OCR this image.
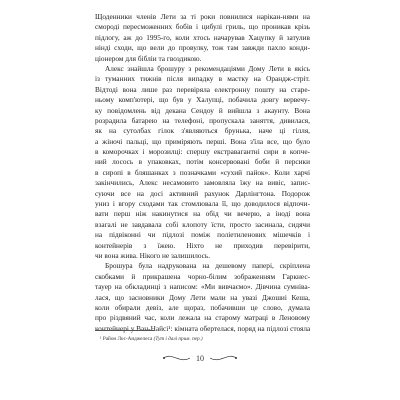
Щоденники членів Лети за ті роки повнилися нарікан-нями на

смороді пересможенних бобів і цибулі гриль, що проникав крізь

підлогу, аж до 1995-го, коли хтось начарував Хацупку й затулив

нінді сходи, що вели до провулку, тож там завжди пахло конди-

ціонером для бібліи та гвоздикою.

Алекс знайшла брошуру з рекомендаціями Дому Лети в якісь

із туманних тижнів після випадку в мастку на Орандж-стріт.

Відтоді вона лише раз перевіряла електронну пошту на старе-

ньому комп'ютері, що був у Халупці, побачила довгу вервечу-

ку повідомлень від декана Сендоу й вийшла з акаунту. Вона

розрадила батарею на телефоні, пропускала заняття, дивилася,

як на сутолбах гілок з'являються брунька, наче ці гілля,

а жіночі пальці, що приміряють перші. Вона з'їла все, що було

в коморочках і морозилці: спершу екстравагантні сири в копче-

ний лосось в упаковках, потім консервовані боби й персики

в сиропі в бляшанках з позначками «сухий пайок». Коли харчі

закінчились, Алекс несамовито замовляла їжу на вивіс, запис-

суючи все на досі активний рахунок Дарлінгтона. Подорож

униз і вгору сходами так стомлювала її, що доводилося відпочи-

вати перш ніж накинутися на обід чи вечерю, а іноді вона

взагалі не завдавала собі клопоту їсти, просто засинала, сидячи

на підвіконні чи підлозі поміж поліетиленових мішечків і

контейнерів з їжею. Ніхто не приходив перевірити,

чи вона жива. Нікого не залишилось.

Брошура була надрукована на дешевому папері, скріплена

скобками й прикрашена чорно-білим зображенням Гаркнес-

тауер на обкладинці з написом: «Ми вивчаємо». Дівчина сумніва-

лася, що засновники Дому Лети мали на увазі Джошиі Кеша,

коли обирали девіз, але щораз, побачивши це слово, думала

про різдвяний час, коли лежала на старому матраці в Леновому

контейнері у Ван-Найсі¹: кімната обертелася, поряд на підлозі стояла

¹ Район Лос-Анджелеса (Тут і далі прим. пер.)
10
